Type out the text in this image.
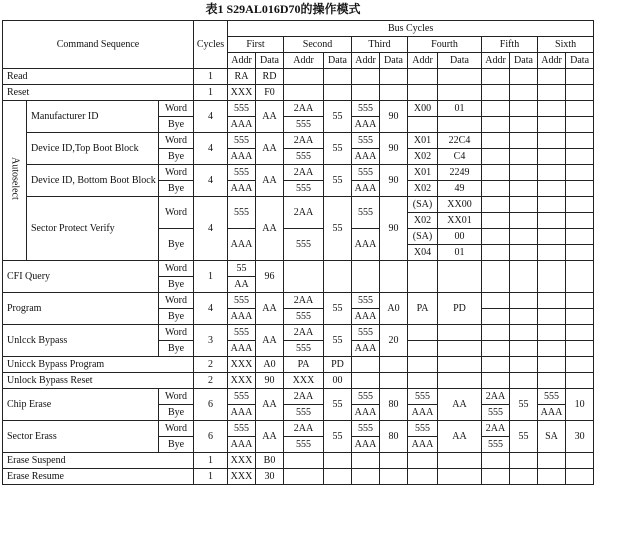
表1 S29AL016D70的操作模式
Command Sequence			Cycles	Bus Cycles											
				First		Second		Third		Fourth		Fifth		Sixth	
				Addr	Data	Addr	Data	Addr	Data	Addr	Data	Addr	Data	Addr	Data
Read			1	RA	RD										
Reset			1	XXX	F0										
Autoselect	Manufacturer ID	Word	4	555	AA	2AA	55	555	90	X00	01				
		Bye		AAA		555		AAA							
	Device ID,Top Boot Block	Word	4	555	AA	2AA	55	555	90	X01	22C4				
		Bye		AAA		555		AAA		X02	C4				
	Device ID, Bottom Boot Block	Word	4	555	AA	2AA	55	555	90	X01	2249				
		Bye		AAA		555		AAA		X02	49				
	Sector Protect Verify	Word	4	555	AA	2AA	55	555	90	(SA)	XX00				
										X02	XX01				
		Bye		AAA		555		AAA		(SA)	00				
										X04	01				
CFI Query		Word	1	55	96										
		Bye		AA											
Program		Word	4	555	AA	2AA	55	555	A0	PA	PD				
		Bye		AAA		555		AAA							
Unlcck Bypass		Word	3	555	AA	2AA	55	555	20						
		Bye		AAA		555		AAA							
Unicck Bypass Program			2	XXX	A0	PA	PD								
Unlock Bypass Reset			2	XXX	90	XXX	00								
Chip Erase		Word	6	555	AA	2AA	55	555	80	555	AA	2AA	55	555	10
		Bye		AAA		555		AAA		AAA		555		AAA	
Sector Erass		Word	6	555	AA	2AA	55	555	80	555	AA	2AA	55	SA	30
		Bye		AAA		555		AAA		AAA		555			
Erase Suspend			1	XXX	B0										
Erase Resume			1	XXX	30										
